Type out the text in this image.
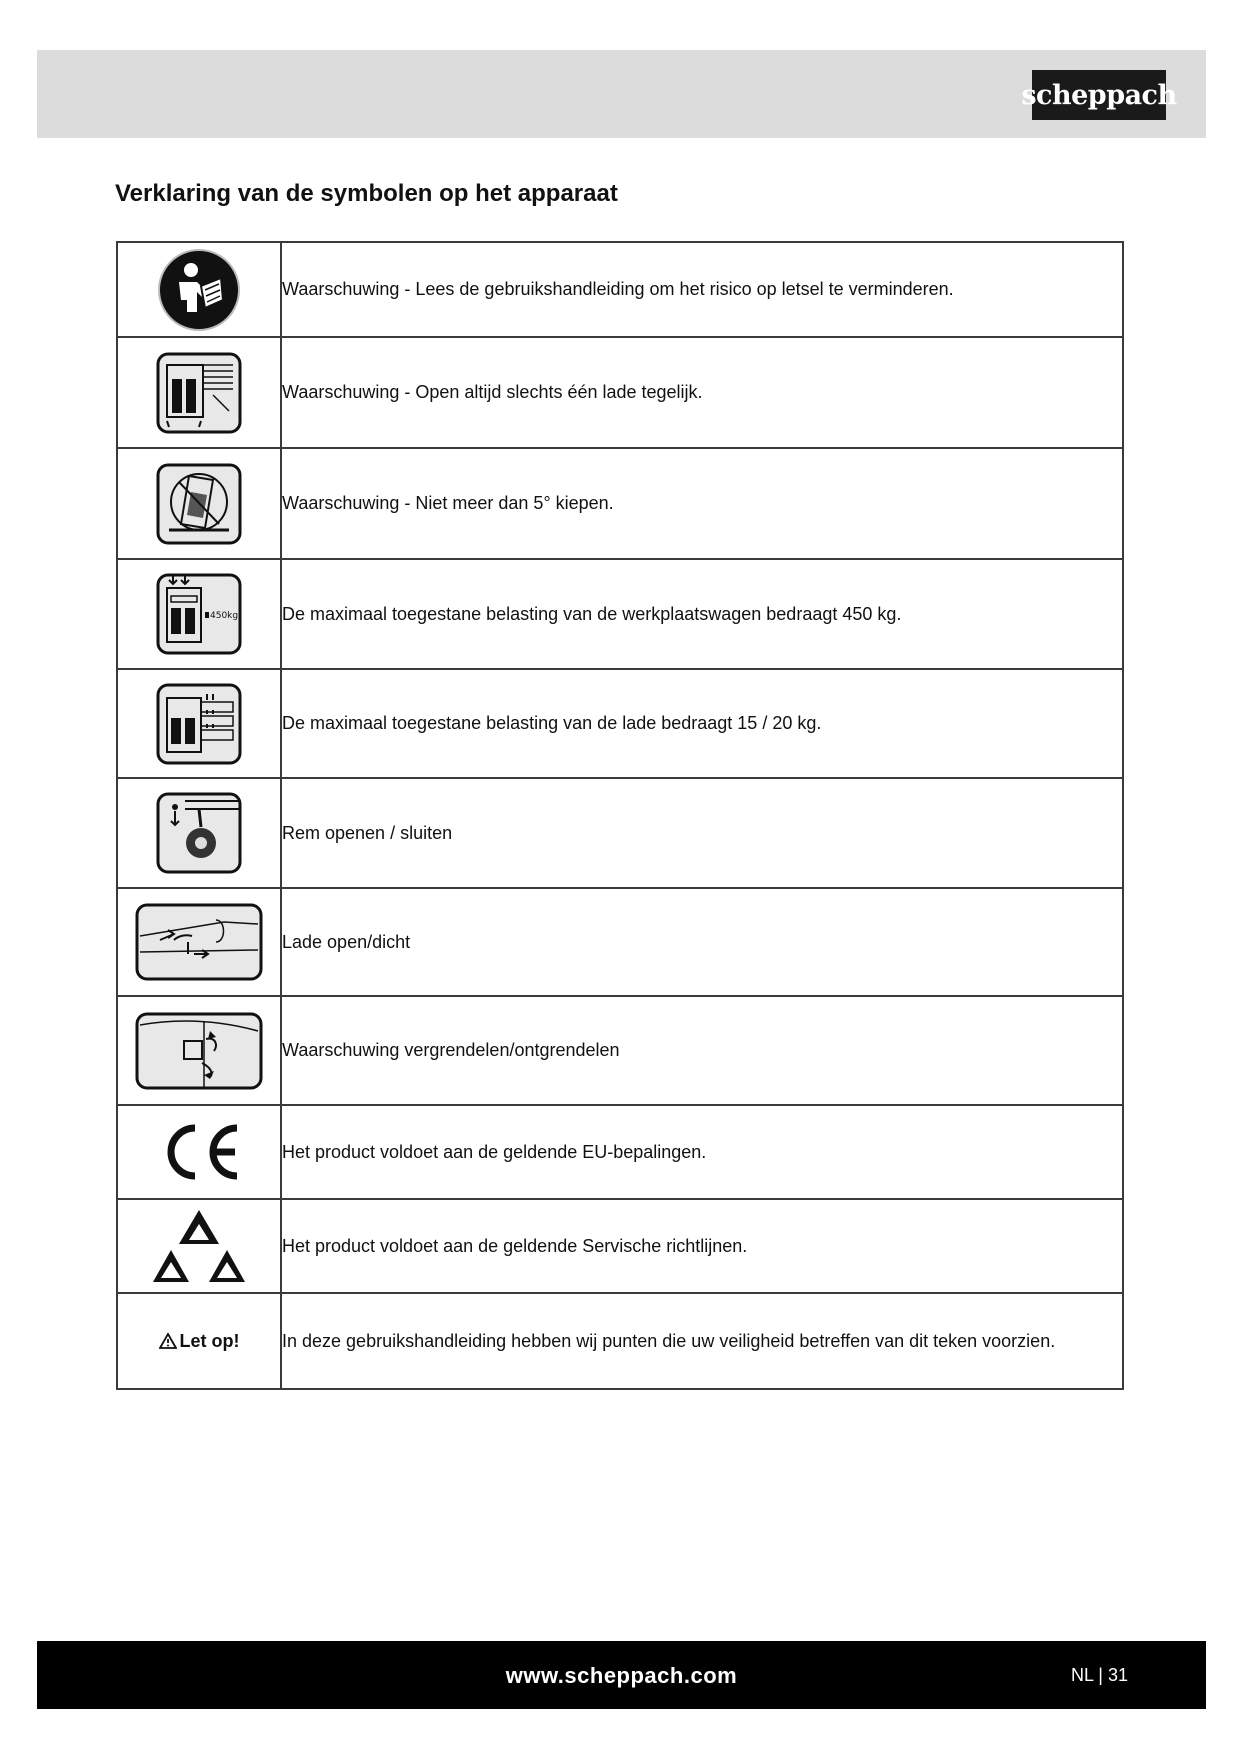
scheppach
Verklaring van de symbolen op het apparaat
	Waarschuwing - Lees de gebruikshandleiding om het risico op letsel te verminderen.

	Waarschuwing - Open altijd slechts één lade tegelijk.

	Waarschuwing - Niet meer dan 5° kiepen.

450kg	De maximaal toegestane belasting van de werkplaatswagen bedraagt 450 kg.

	De maximaal toegestane belasting van de lade bedraagt 15 / 20 kg.

	Rem openen / sluiten

	Lade open/dicht

	Waarschuwing vergrendelen/ontgrendelen

	Het product voldoet aan de geldende EU-bepalingen.

	Het product voldoet aan de geldende Servische richtlijnen.
Let op!	In deze gebruikshandleiding hebben wij punten die uw veiligheid betreffen van dit teken voorzien.
www.scheppach.com	NL | 31
